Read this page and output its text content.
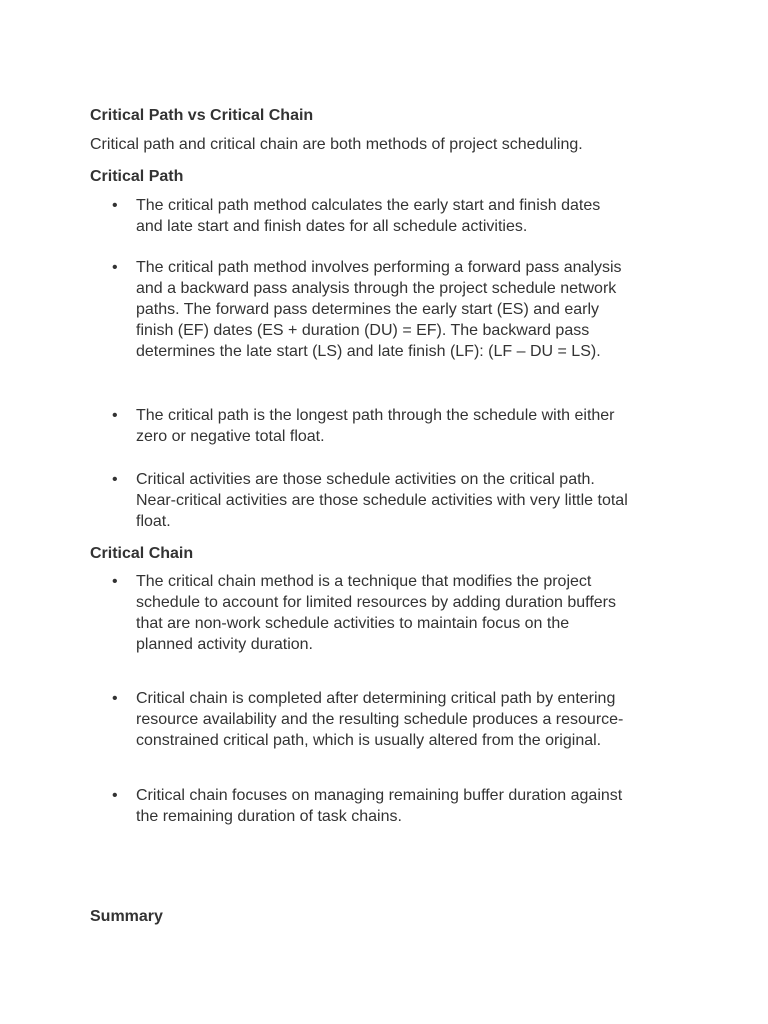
Critical Path vs Critical Chain

Critical path and critical chain are both methods of project scheduling.

Critical Path
• The critical path method calculates the early start and finish dates
and late start and finish dates for all schedule activities.
• The critical path method involves performing a forward pass analysis
and a backward pass analysis through the project schedule network
paths. The forward pass determines the early start (ES) and early
finish (EF) dates (ES + duration (DU) = EF). The backward pass
determines the late start (LS) and late finish (LF): (LF – DU = LS).
• The critical path is the longest path through the schedule with either
zero or negative total float.
• Critical activities are those schedule activities on the critical path.
Near-critical activities are those schedule activities with very little total
float.
Critical Chain
• The critical chain method is a technique that modifies the project
schedule to account for limited resources by adding duration buffers
that are non-work schedule activities to maintain focus on the
planned activity duration.
• Critical chain is completed after determining critical path by entering
resource availability and the resulting schedule produces a resource-
constrained critical path, which is usually altered from the original.
• Critical chain focuses on managing remaining buffer duration against
the remaining duration of task chains.
Summary
